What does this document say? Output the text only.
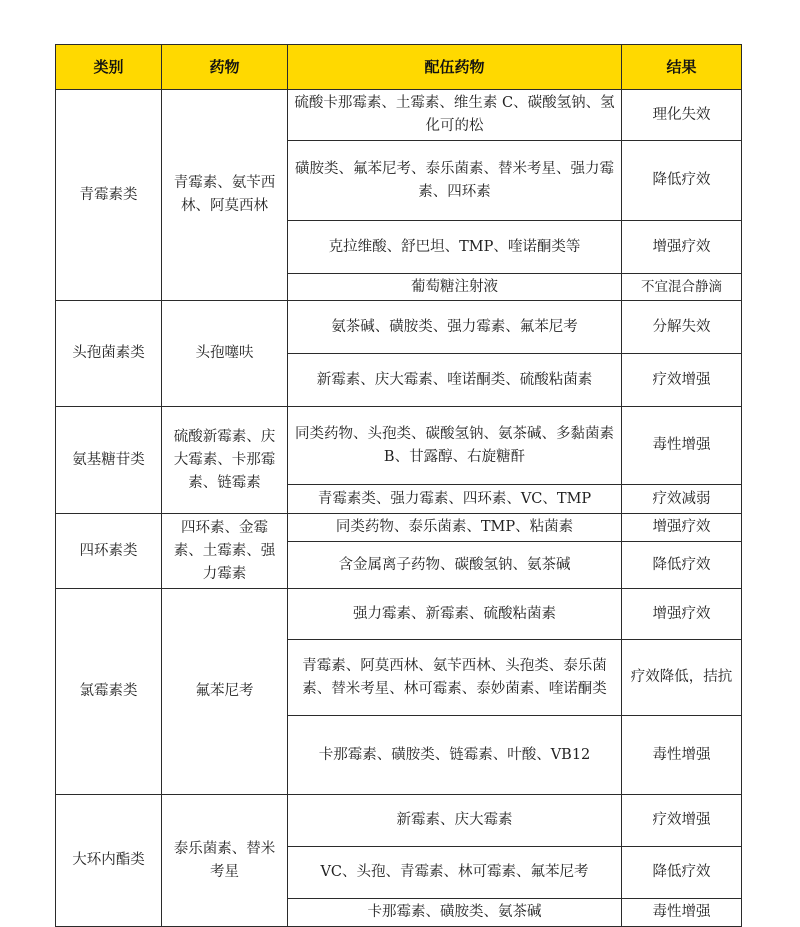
类别	药物	配伍药物	结果
青霉素类	青霉素、氨苄西林、阿莫西林	硫酸卡那霉素、土霉素、维生素 C、碳酸氢钠、氢化可的松	理化失效
		磺胺类、氟苯尼考、泰乐菌素、替米考星、强力霉素、四环素	降低疗效
		克拉维酸、舒巴坦、TMP、喹诺酮类等	增强疗效
		葡萄糖注射液	不宜混合静滴
头孢菌素类	头孢噻呋	氨茶碱、磺胺类、强力霉素、氟苯尼考	分解失效
		新霉素、庆大霉素、喹诺酮类、硫酸粘菌素	疗效增强
氨基糖苷类	硫酸新霉素、庆大霉素、卡那霉素、链霉素	同类药物、头孢类、碳酸氢钠、氨茶碱、多黏菌素 B、甘露醇、右旋糖酐	毒性增强
		青霉素类、强力霉素、四环素、VC、TMP	疗效减弱
四环素类	四环素、金霉素、土霉素、强力霉素	同类药物、泰乐菌素、TMP、粘菌素	增强疗效
		含金属离子药物、碳酸氢钠、氨茶碱	降低疗效
氯霉素类	氟苯尼考	强力霉素、新霉素、硫酸粘菌素	增强疗效
		青霉素、阿莫西林、氨苄西林、头孢类、泰乐菌素、替米考星、林可霉素、泰妙菌素、喹诺酮类	疗效降低，拮抗
		卡那霉素、磺胺类、链霉素、叶酸、VB12	毒性增强
大环内酯类	泰乐菌素、替米考星	新霉素、庆大霉素	疗效增强
		VC、头孢、青霉素、林可霉素、氟苯尼考	降低疗效
		卡那霉素、磺胺类、氨茶碱	毒性增强
